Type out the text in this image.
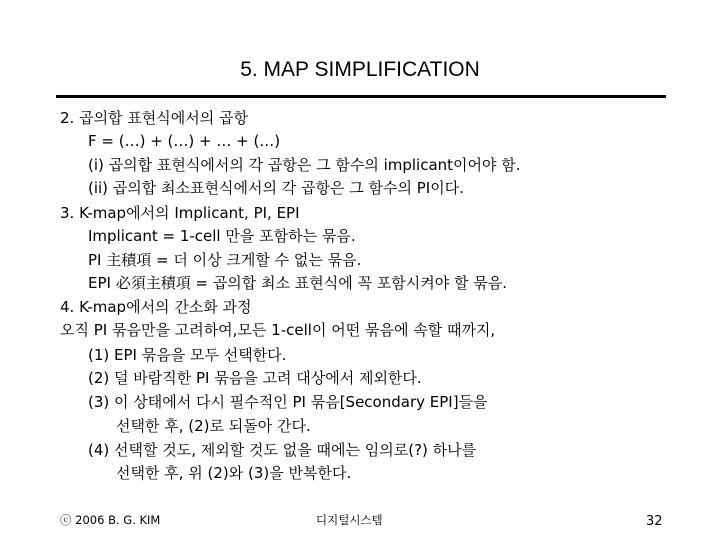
5. MAP SIMPLIFICATION
2. 곱의합 표현식에서의 곱항
F = (…) + (…) + … + (…)
(i) 곱의합 표현식에서의 각 곱항은 그 함수의 implicant이어야 함.
(ii) 곱의합 최소표현식에서의 각 곱항은 그 함수의 PI이다.
3. K-map에서의 Implicant, PI, EPI
Implicant = 1-cell 만을 포함하는 묶음.
PI 主積項 = 더 이상 크게할 수 없는 묶음.
EPI 必須主積項 = 곱의합 최소 표현식에 꼭 포함시켜야 할 묶음.
4. K-map에서의 간소화 과정
오직 PI 묶음만을 고려하여,모든 1-cell이 어떤 묶음에 속할 때까지,
(1) EPI 묶음을 모두 선택한다.
(2) 덜 바람직한 PI 묶음을 고려 대상에서 제외한다.
(3) 이 상태에서 다시 필수적인 PI 묶음[Secondary EPI]들을
선택한 후, (2)로 되돌아 간다.
(4) 선택할 것도, 제외할 것도 없을 때에는 임의로(?) 하나를
선택한 후, 위 (2)와 (3)을 반복한다.
ⓒ 2006 B. G. KIM	디지털시스템	32
